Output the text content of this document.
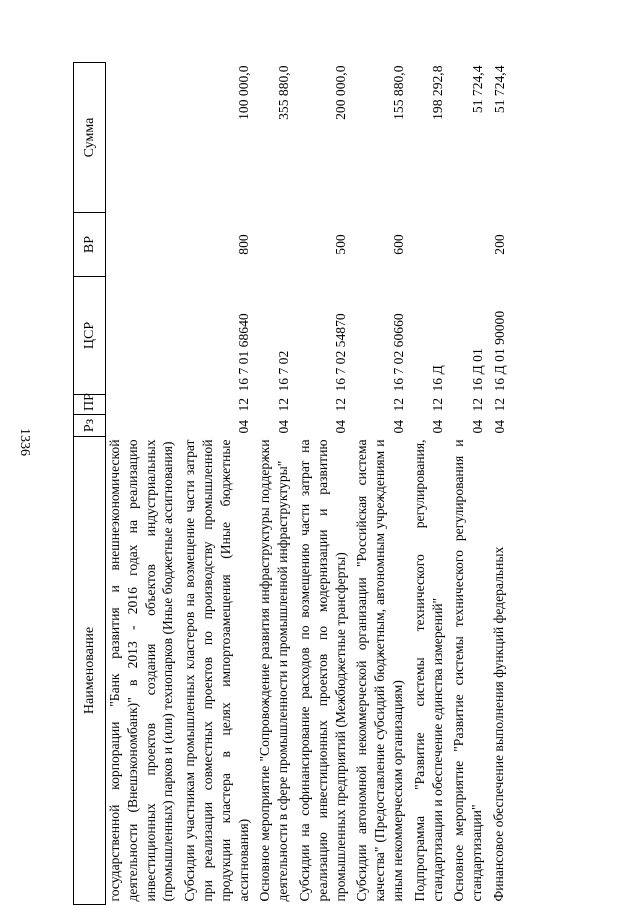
1336
Наименование	Рз	ПР	ЦСР	ВР	Сумма
государственной корпорации "Банк развития и внешнеэкономической деятельности (Внешэкономбанк)" в 2013 - 2016 годах на реализацию инвестиционных проектов создания объектов индустриальных (промышленных) парков и (или) технопарков (Иные бюджетные ассигнования)					
Субсидии участникам промышленных кластеров на возмещение части затрат при реализации совместных проектов по производству промышленной продукции кластера в целях импортозамещения (Иные бюджетные ассигнования)	04	12	16 7 01 68640	800	100 000,0
Основное мероприятие "Сопровождение развития инфраструктуры поддержки деятельности в сфере промышленности и промышленной инфраструктуры"	04	12	16 7 02		355 880,0
Субсидии на софинансирование расходов по возмещению части затрат на реализацию инвестиционных проектов по модернизации и развитию промышленных предприятий (Межбюджетные трансферты)	04	12	16 7 02 54870	500	200 000,0
Субсидии автономной некоммерческой организации "Российская система качества" (Предоставление субсидий бюджетным, автономным учреждениям и иным некоммерческим организациям)	04	12	16 7 02 60660	600	155 880,0
Подпрограмма "Развитие системы технического регулирования, стандартизации и обеспечение единства измерений"	04	12	16 Д		198 292,8
Основное мероприятие "Развитие системы технического регулирования и стандартизации"	04	12	16 Д 01		51 724,4
Финансовое обеспечение выполнения функций федеральных	04	12	16 Д 01 90000	200	51 724,4
